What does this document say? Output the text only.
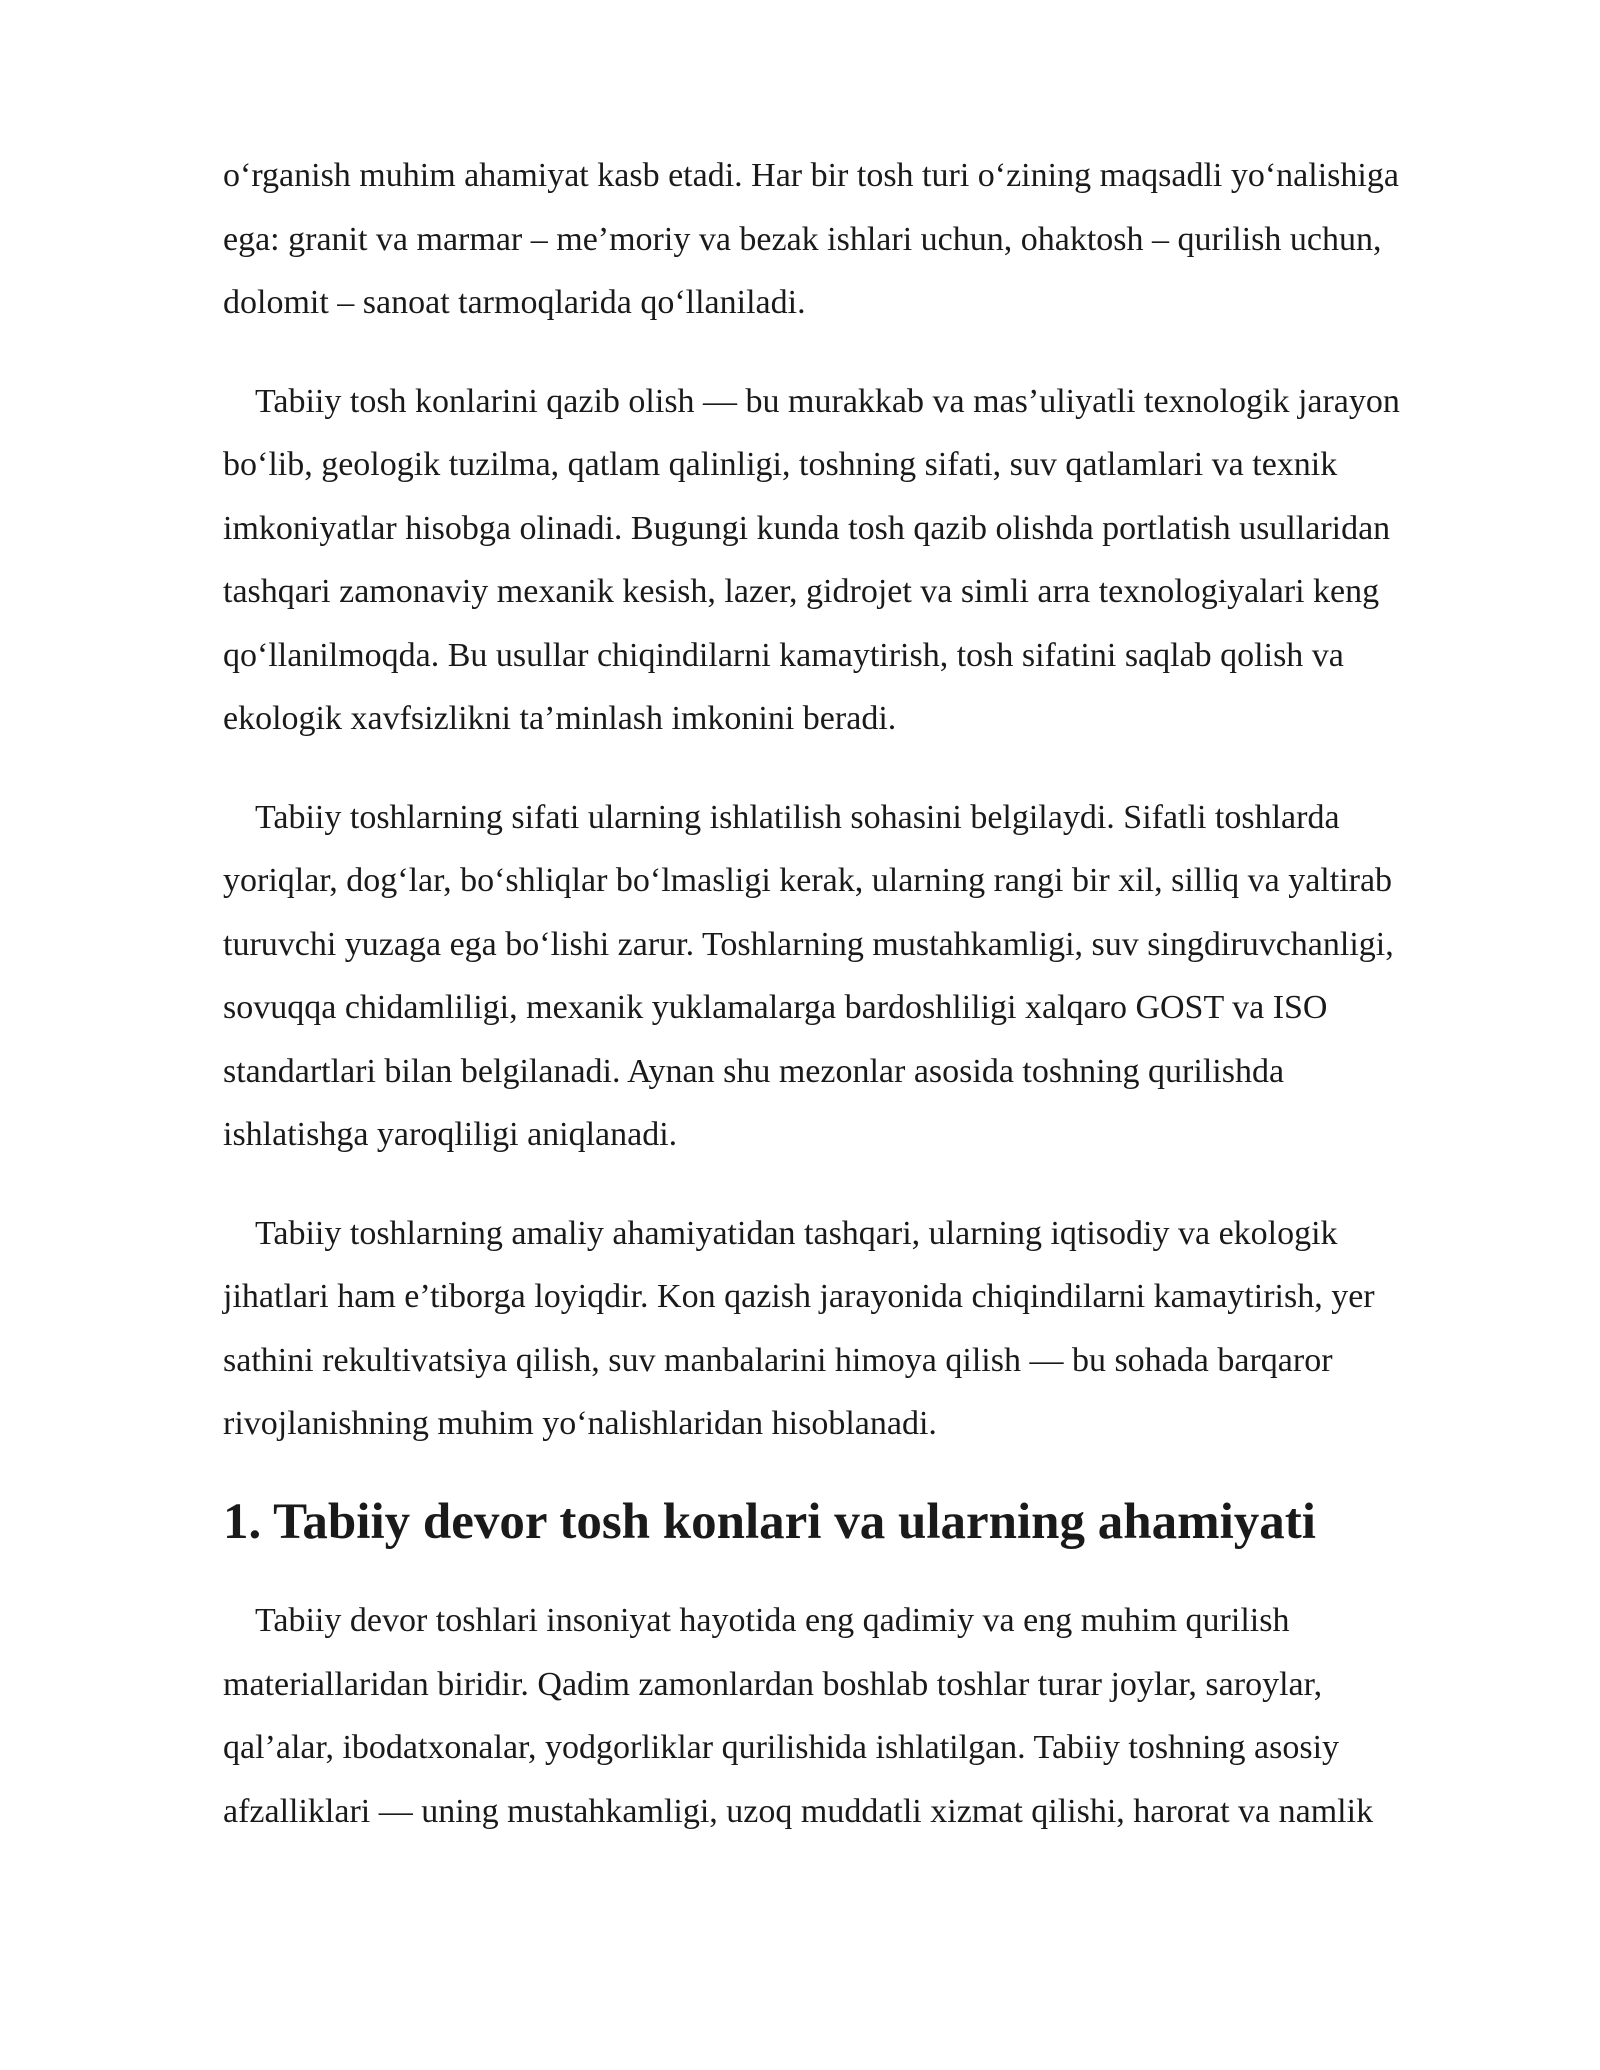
o‘rganish muhim ahamiyat kasb etadi. Har bir tosh turi o‘zining maqsadli yo‘nalishiga
ega: granit va marmar – me’moriy va bezak ishlari uchun, ohaktosh – qurilish uchun,
dolomit – sanoat tarmoqlarida qo‘llaniladi.

Tabiiy tosh konlarini qazib olish — bu murakkab va mas’uliyatli texnologik jarayon
bo‘lib, geologik tuzilma, qatlam qalinligi, toshning sifati, suv qatlamlari va texnik
imkoniyatlar hisobga olinadi. Bugungi kunda tosh qazib olishda portlatish usullaridan
tashqari zamonaviy mexanik kesish, lazer, gidrojet va simli arra texnologiyalari keng
qo‘llanilmoqda. Bu usullar chiqindilarni kamaytirish, tosh sifatini saqlab qolish va
ekologik xavfsizlikni ta’minlash imkonini beradi.

Tabiiy toshlarning sifati ularning ishlatilish sohasini belgilaydi. Sifatli toshlarda
yoriqlar, dog‘lar, bo‘shliqlar bo‘lmasligi kerak, ularning rangi bir xil, silliq va yaltirab
turuvchi yuzaga ega bo‘lishi zarur. Toshlarning mustahkamligi, suv singdiruvchanligi,
sovuqqa chidamliligi, mexanik yuklamalarga bardoshliligi xalqaro GOST va ISO
standartlari bilan belgilanadi. Aynan shu mezonlar asosida toshning qurilishda
ishlatishga yaroqliligi aniqlanadi.

Tabiiy toshlarning amaliy ahamiyatidan tashqari, ularning iqtisodiy va ekologik
jihatlari ham e’tiborga loyiqdir. Kon qazish jarayonida chiqindilarni kamaytirish, yer
sathini rekultivatsiya qilish, suv manbalarini himoya qilish — bu sohada barqaror
rivojlanishning muhim yo‘nalishlaridan hisoblanadi.

1. Tabiiy devor tosh konlari va ularning ahamiyati

Tabiiy devor toshlari insoniyat hayotida eng qadimiy va eng muhim qurilish
materiallaridan biridir. Qadim zamonlardan boshlab toshlar turar joylar, saroylar,
qal’alar, ibodatxonalar, yodgorliklar qurilishida ishlatilgan. Tabiiy toshning asosiy
afzalliklari — uning mustahkamligi, uzoq muddatli xizmat qilishi, harorat va namlik
